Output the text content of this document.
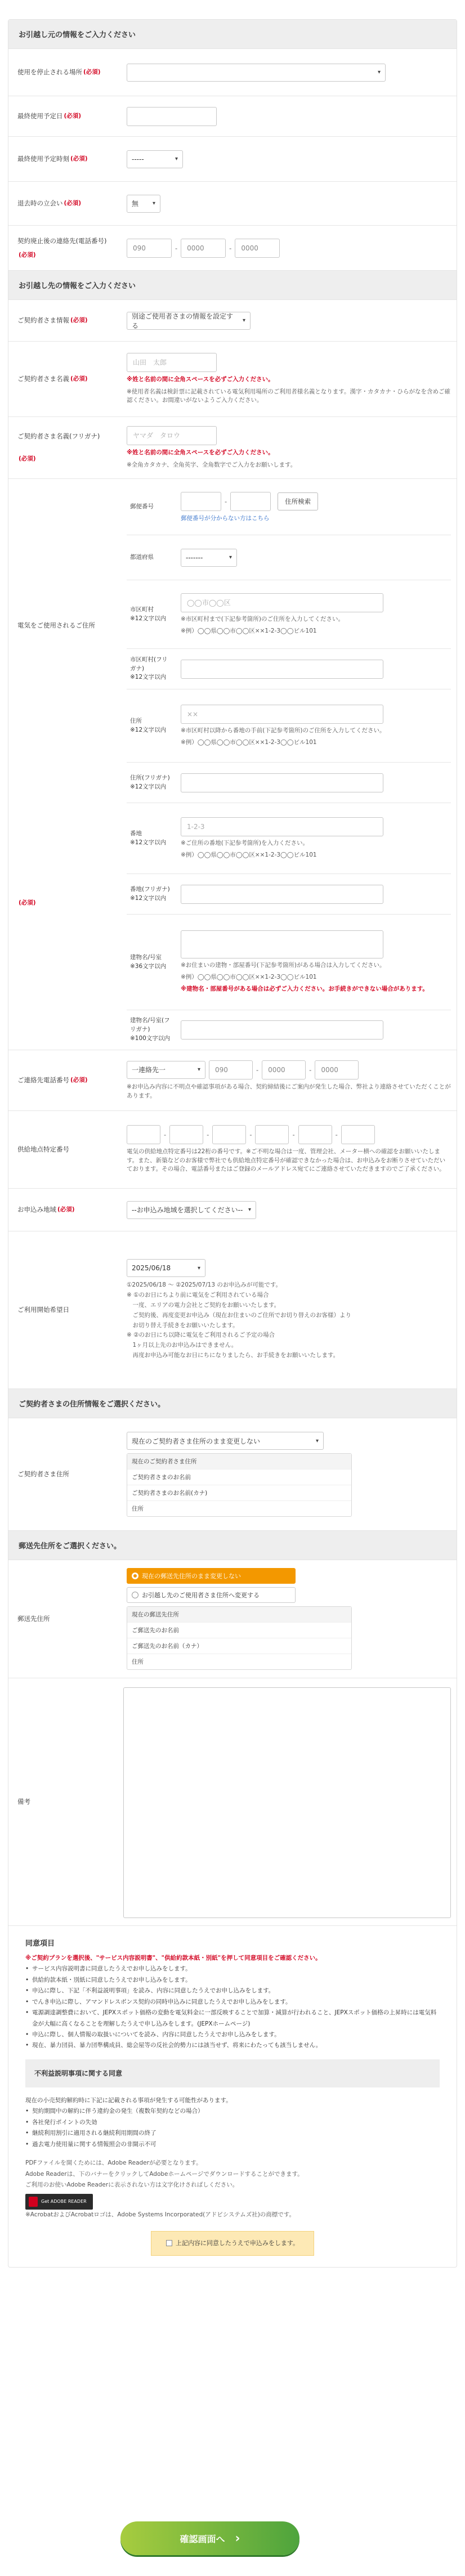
お引越し元の情報をご入力ください
使用を停止される場所 (必須)	▾
最終使用予定日 (必須)
最終使用予定時刻 (必須)	-----	▾
退去時の立会い (必須)	無 ▾
契約廃止後の連絡先(電話番号)
(必須)
090	-	0000	-	0000
お引越し先の情報をご入力ください
ご契約者さま情報 (必須)
別途ご使用者さまの情報を設定する
▾
ご契約者さま名義 (必須)
山田　太郎
※姓と名前の間に全角スペースを必ずご入力ください。
※使用者名義は検針票に記載されている電気利用場所のご利用者様名義となります。漢字・カタカナ・ひらがなを含めご確認ください。お間違いがないようご入力ください。
ご契約者さま名義(フリガナ)
(必須)
ヤマダ　タロウ
※姓と名前の間に全角スペースを必ずご入力ください。
※全角カタカナ、全角英字、全角数字でご入力をお願いします。
電気をご使用されるご住所
(必須)
郵便番号
-	住所検索
郵便番号が分からない方はこちら
都道府県	-------	▾
市区町村
※12文字以内
◯◯市◯◯区
※市区町村まで(下記参考箇所)のご住所を入力してください。
※例）◯◯県◯◯市◯◯区××1-2-3◯◯ビル101
市区町村(フリガナ)
※12文字以内
住所
※12文字以内
××
※市区町村以降から番地の手前(下記参考箇所)のご住所を入力してください。
※例）◯◯県◯◯市◯◯区××1-2-3◯◯ビル101
住所(フリガナ)
※12文字以内
番地
※12文字以内
1-2-3
※ご住所の番地(下記参考箇所)を入力ください。
※例）◯◯県◯◯市◯◯区××1-2-3◯◯ビル101
番地(フリガナ)
※12文字以内
建物名/号室
※36文字以内	※お住まいの建物・部屋番号(下記参考箇所)がある場合は入力してください。
※例）◯◯県◯◯市◯◯区××1-2-3◯◯ビル101
※建物名・部屋番号がある場合は必ずご入力ください。お手続きができない場合があります。
建物名/号室(フリガナ)
※100文字以内
ご連絡先電話番号 (必須)
一連絡先一	▾	090	-	0000	-	0000
※お申込み内容に不明点や確認事項がある場合、契約締結後にご案内が発生した場合、弊社より連絡させていただくことがあります。
供給地点特定番号
-	-	-	-	-
電気の供給地点特定番号は22桁の番号です。※ご不明な場合は一度、管理会社、メーター横への確認をお願いいたします。また、新築などのお客様で弊社でも供給地点特定番号が確認できなかった場合は、お申込みをお断りさせていただいております。その場合、電話番号またはご登録のメールアドレス宛てにご連絡させていただきますのでご了承ください。
お申込み地域 (必須)	--お申込み地域を選択してください-- ▾
ご利用開始希望日
2025/06/18	▾
①2025/06/18 ～ ②2025/07/13 のお申込みが可能です。
※ ①のお日にちより前に電気をご利用されている場合
　一度、エリアの電力会社とご契約をお願いいたします。
　ご契約後、再度変更お申込み（現在お住まいのご住所でお切り替えのお客様）より
　お切り替え手続きをお願いいたします。
※ ②のお日にち以降に電気をご利用されるご予定の場合
　1ヶ月以上先のお申込みはできません。
　再度お申込み可能なお日にちになりましたら、お手続きをお願いいたします。
ご契約者さまの住所情報をご選択ください。
ご契約者さま住所
現在のご契約者さま住所のまま変更しない	▾
現在のご契約者さま住所
ご契約者さまのお名前
ご契約者さまのお名前(カナ)
住所
郵送先住所をご選択ください。
郵送先住所
現在の郵送先住所のまま変更しない
お引越し先のご使用者さま住所へ変更する
現在の郵送先住所
ご郵送先のお名前
ご郵送先のお名前（カナ）
住所
備考
同意項目
※ご契約プランを選択後、"サービス内容説明書"、"供給約款本紙・別紙"を押して同意項目をご確認ください。
• サービス内容説明書に同意したうえでお申し込みをします。
• 供給約款本紙・別紙に同意したうえでお申し込みをします。
• 申込に際し、下記「不利益説明事項」を読み、内容に同意したうえでお申し込みをします。
• でんき申込に際し、アマンドレスボンス契約の同時申込みに同意したうえでお申し込みをします。
• 電源調達調整費において、JEPXスポット価格の変動を電気料金に一部反映することで加算・減算が行われること、JEPXスポット価格の上昇時には電気料金が大幅に高くなることを理解したうえで申し込みをします。(JEPXホームページ)
• 申込に際し、個人情報の取扱いについてを読み、内容に同意したうえでお申し込みをします。
• 現在、暴力団員、暴力団準構成員、総会屋等の反社会的勢力には該当せず、将来にわたっても該当しません。
不利益説明事項に関する同意
現在の小売契約解約時に下記に記載される事項が発生する可能性があります。
• 契約期間中の解約に伴う違約金の発生（複数年契約などの場合）
• 各社発行ポイントの失効
• 継続利用割引に適用される継続利用期間の終了
• 過去電力使用量に関する情報照会の非開示不可
PDFファイルを開くためには、Adobe Readerが必要となります。
Adobe Readerは、下のバナーをクリックしてAdobeホームページでダウンロードすることができます。
ご利用のお使いAdobe Readerに表示されない方は文字化けさればしください。
Get ADOBE READER
※AcrobatおよびAcrobatロゴは、Adobe Systems Incorporated(アドビシステムズ社)の商標です。
上記内容に同意したうえで申込みをします。
確認画面へ ›
